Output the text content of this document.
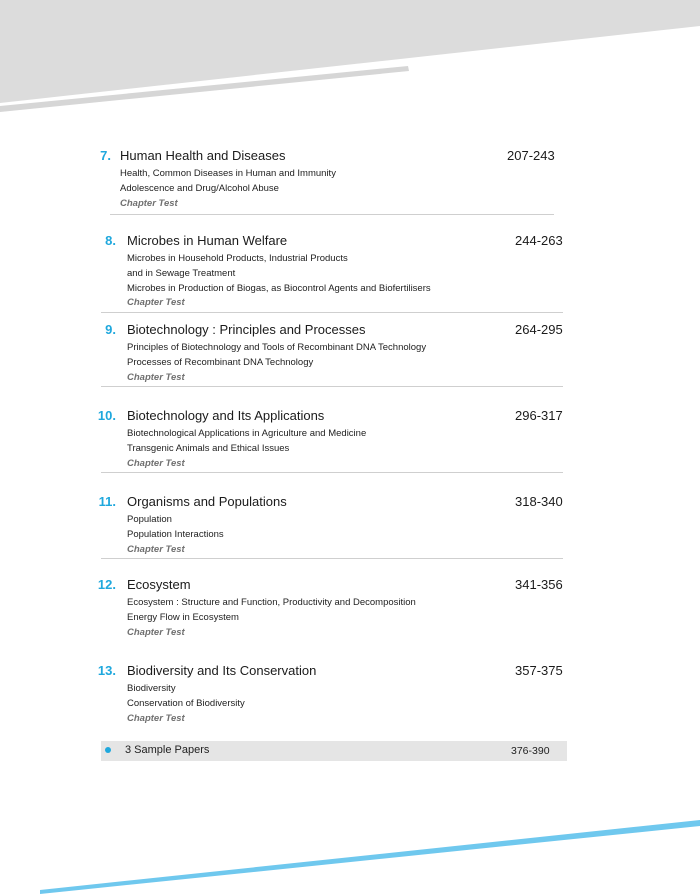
7. Human Health and Diseases	207-243
Health, Common Diseases in Human and Immunity
Adolescence and Drug/Alcohol Abuse
Chapter Test
8. Microbes in Human Welfare	244-263
Microbes in Household Products, Industrial Products
and in Sewage Treatment
Microbes in Production of Biogas, as Biocontrol Agents and Biofertilisers
Chapter Test
9. Biotechnology : Principles and Processes	264-295
Principles of Biotechnology and Tools of Recombinant DNA Technology
Processes of Recombinant DNA Technology
Chapter Test
10. Biotechnology and Its Applications	296-317
Biotechnological Applications in Agriculture and Medicine
Transgenic Animals and Ethical Issues
Chapter Test
11. Organisms and Populations	318-340
Population
Population Interactions
Chapter Test
12. Ecosystem	341-356
Ecosystem : Structure and Function, Productivity and Decomposition
Energy Flow in Ecosystem
Chapter Test
13. Biodiversity and Its Conservation	357-375
Biodiversity
Conservation of Biodiversity
Chapter Test
3 Sample Papers	376-390
